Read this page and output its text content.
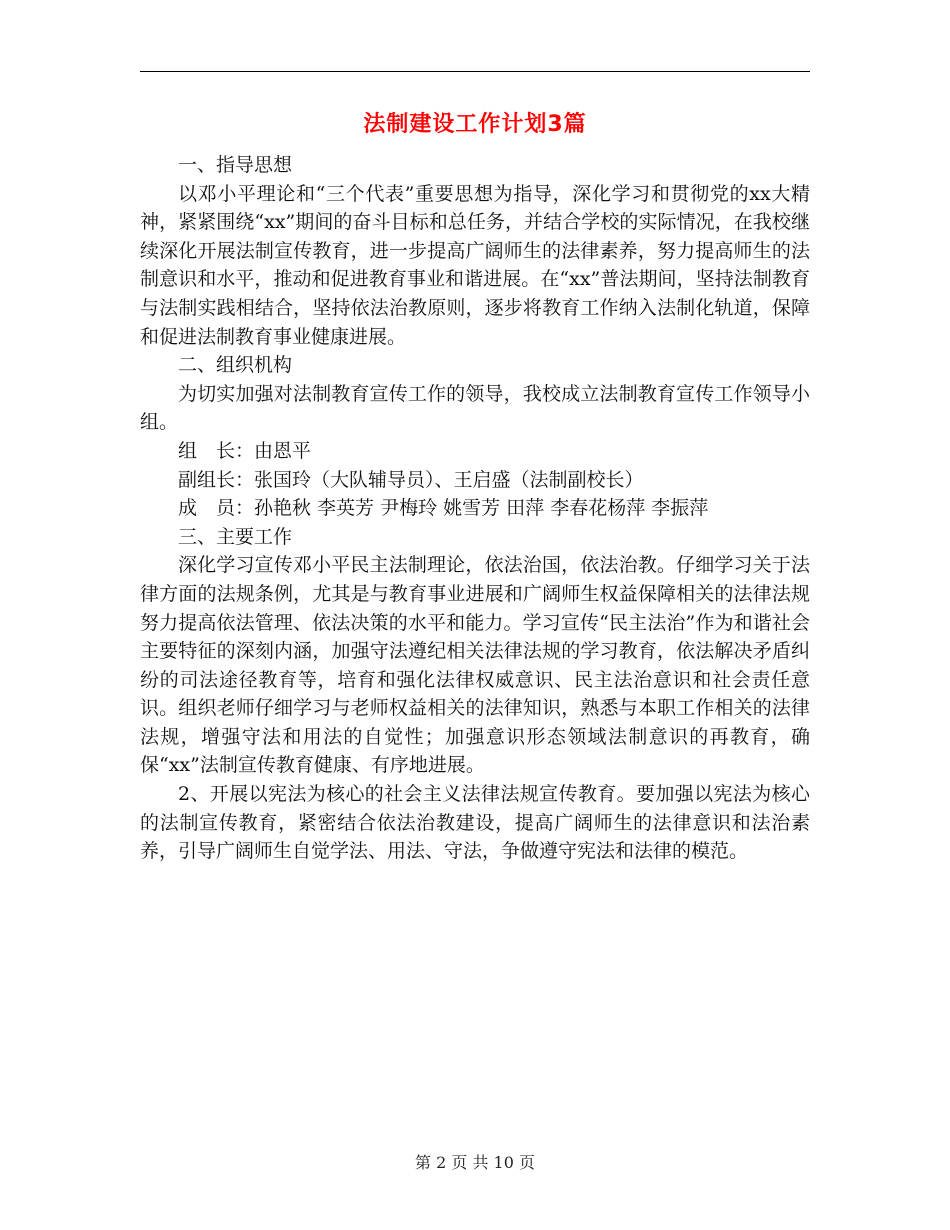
法制建设工作计划3篇

一、指导思想

以邓小平理论和“三个代表”重要思想为指导，深化学习和贯彻党的xx大精神，紧紧围绕“xx”期间的奋斗目标和总任务，并结合学校的实际情况，在我校继续深化开展法制宣传教育，进一步提高广阔师生的法律素养，努力提高师生的法制意识和水平，推动和促进教育事业和谐进展。在“xx”普法期间，坚持法制教育与法制实践相结合，坚持依法治教原则，逐步将教育工作纳入法制化轨道，保障和促进法制教育事业健康进展。

二、组织机构

为切实加强对法制教育宣传工作的领导，我校成立法制教育宣传工作领导小组。

组　长：由恩平

副组长：张国玲（大队辅导员）、王启盛（法制副校长）

成　员：孙艳秋 李英芳 尹梅玲 姚雪芳 田萍 李春花杨萍 李振萍

三、主要工作

深化学习宣传邓小平民主法制理论，依法治国，依法治教。仔细学习关于法律方面的法规条例，尤其是与教育事业进展和广阔师生权益保障相关的法律法规努力提高依法管理、依法决策的水平和能力。学习宣传“民主法治”作为和谐社会主要特征的深刻内涵，加强守法遵纪相关法律法规的学习教育，依法解决矛盾纠纷的司法途径教育等，培育和强化法律权威意识、民主法治意识和社会责任意识。组织老师仔细学习与老师权益相关的法律知识，熟悉与本职工作相关的法律法规，增强守法和用法的自觉性；加强意识形态领域法制意识的再教育，确保“xx”法制宣传教育健康、有序地进展。

2、开展以宪法为核心的社会主义法律法规宣传教育。要加强以宪法为核心的法制宣传教育，紧密结合依法治教建设，提高广阔师生的法律意识和法治素养，引导广阔师生自觉学法、用法、守法，争做遵守宪法和法律的模范。

第 2 页 共 10 页
